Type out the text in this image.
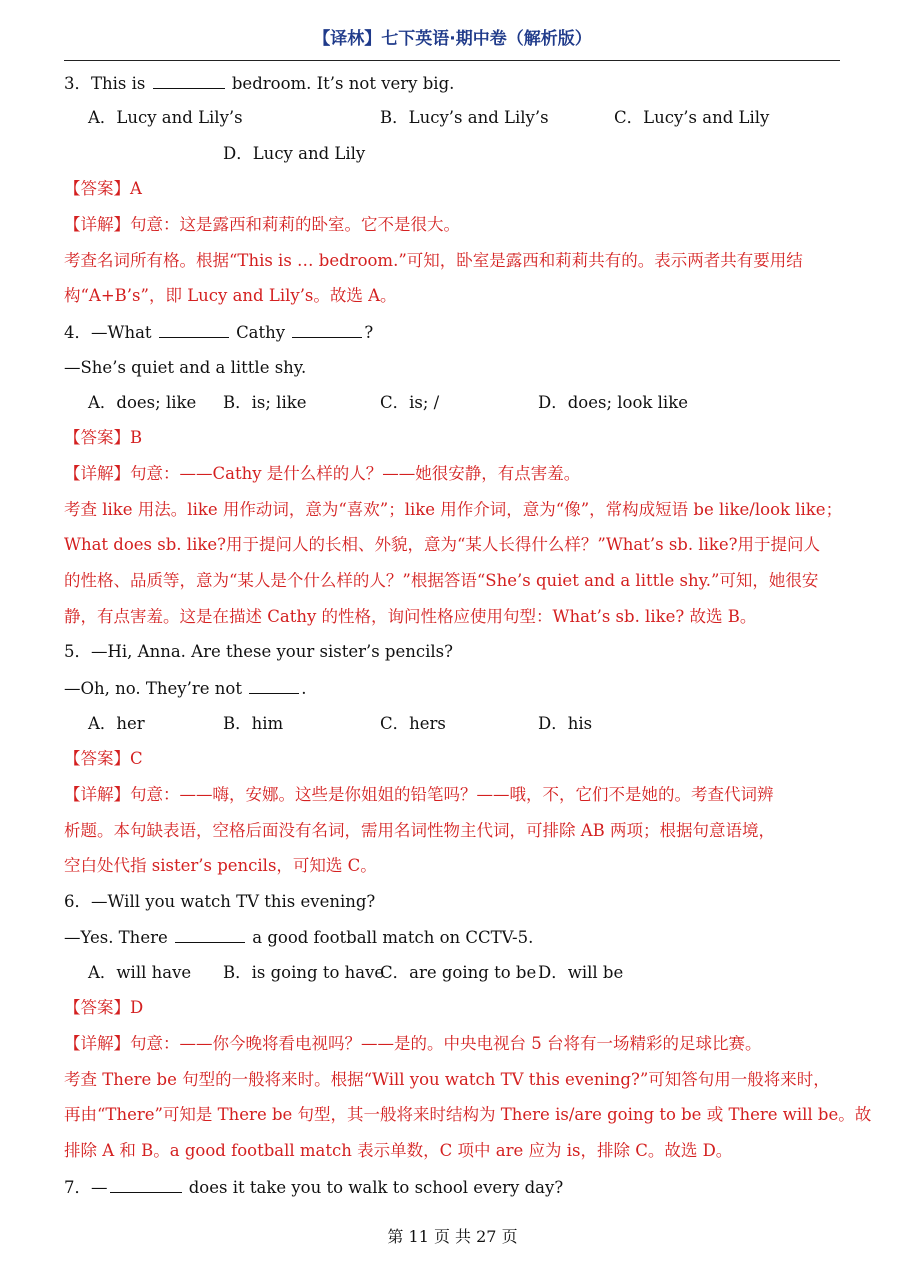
【译林】七下英语·期中卷（解析版）
3．This is	bedroom. It’s not very big.
A．Lucy and Lily’s	B．Lucy’s and Lily’s	C．Lucy’s and Lily
D．Lucy and Lily
【答案】A
【详解】句意：这是露西和莉莉的卧室。它不是很大。
考查名词所有格。根据“This is … bedroom.”可知，卧室是露西和莉莉共有的。表示两者共有要用结
构“A+B’s”，即 Lucy and Lily’s。故选 A。
4．—What	Cathy	?
—She’s quiet and a little shy.
A．does; like B．is; like	C．is; /	D．does; look like
【答案】B
【详解】句意：——Cathy 是什么样的人？——她很安静，有点害羞。
考查 like 用法。like 用作动词，意为“喜欢”；like 用作介词，意为“像”，常构成短语 be like/look like；
What does sb. like?用于提问人的长相、外貌，意为“某人长得什么样？”What’s sb. like?用于提问人
的性格、品质等，意为“某人是个什么样的人？”根据答语“She’s quiet and a little shy.”可知，她很安
静，有点害羞。这是在描述 Cathy 的性格，询问性格应使用句型：What’s sb. like? 故选 B。
5．—Hi, Anna. Are these your sister’s pencils?
—Oh, no. They’re not	.
A．her	B．him	C．hers	D．his
【答案】C
【详解】句意：——嗨，安娜。这些是你姐姐的铅笔吗？——哦，不，它们不是她的。考查代词辨
析题。本句缺表语，空格后面没有名词，需用名词性物主代词，可排除 AB 两项；根据句意语境，
空白处代指 sister’s pencils，可知选 C。
6．—Will you watch TV this evening?
—Yes. There	a good football match on CCTV-5.
A．will have B．is going to have
C．are going to be D．will be
【答案】D
【详解】句意：——你今晚将看电视吗？——是的。中央电视台 5 台将有一场精彩的足球比赛。
考查 There be 句型的一般将来时。根据“Will you watch TV this evening?”可知答句用一般将来时，
再由“There”可知是 There be 句型，其一般将来时结构为 There is/are going to be 或 There will be。故
排除 A 和 B。a good football match 表示单数，C 项中 are 应为 is，排除 C。故选 D。
7．—	does it take you to walk to school every day?
第 11 页 共 27 页
